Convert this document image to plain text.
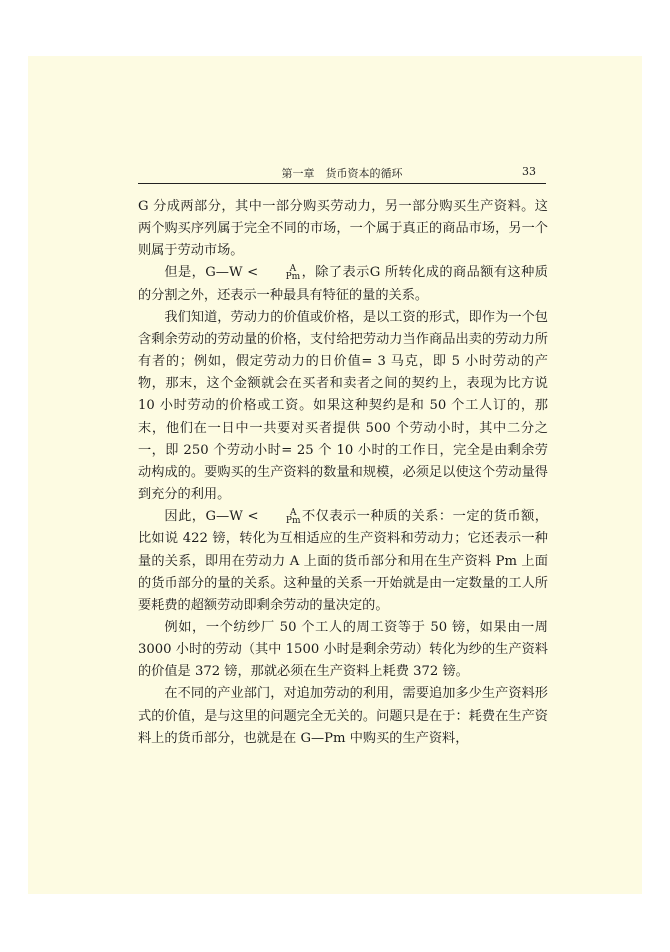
第一章　货币资本的循环	33

G 分成两部分，其中一部分购买劳动力，另一部分购买生产资料。这两个购买序列属于完全不同的市场，一个属于真正的商品市场，另一个则属于劳动市场。

但是，G—W <	A
Pm ，除了表示G 所转化成的商品额有这种质的分割之外，还表示一种最具有特征的量的关系。

我们知道，劳动力的价值或价格，是以工资的形式，即作为一个包含剩余劳动的劳动量的价格，支付给把劳动力当作商品出卖的劳动力所有者的；例如，假定劳动力的日价值= 3 马克，即 5 小时劳动的产物，那末，这个金额就会在买者和卖者之间的契约上，表现为比方说 10 小时劳动的价格或工资。如果这种契约是和 50 个工人订的，那末，他们在一日中一共要对买者提供 500 个劳动小时，其中二分之一，即 250 个劳动小时= 25 个 10 小时的工作日，完全是由剩余劳动构成的。要购买的生产资料的数量和规模，必须足以使这个劳动量得到充分的利用。

因此，G—W <	A
Pm 不仅表示一种质的关系：一定的货币额，比如说 422 镑，转化为互相适应的生产资料和劳动力；它还表示一种量的关系，即用在劳动力 A 上面的货币部分和用在生产资料 Pm 上面的货币部分的量的关系。这种量的关系一开始就是由一定数量的工人所要耗费的超额劳动即剩余劳动的量决定的。

例如，一个纺纱厂 50 个工人的周工资等于 50 镑，如果由一周 3000 小时的劳动（其中 1500 小时是剩余劳动）转化为纱的生产资料的价值是 372 镑，那就必须在生产资料上耗费 372 镑。

在不同的产业部门，对追加劳动的利用，需要追加多少生产资料形式的价值，是与这里的问题完全无关的。问题只是在于：耗费在生产资料上的货币部分，也就是在 G—Pm 中购买的生产资料，
